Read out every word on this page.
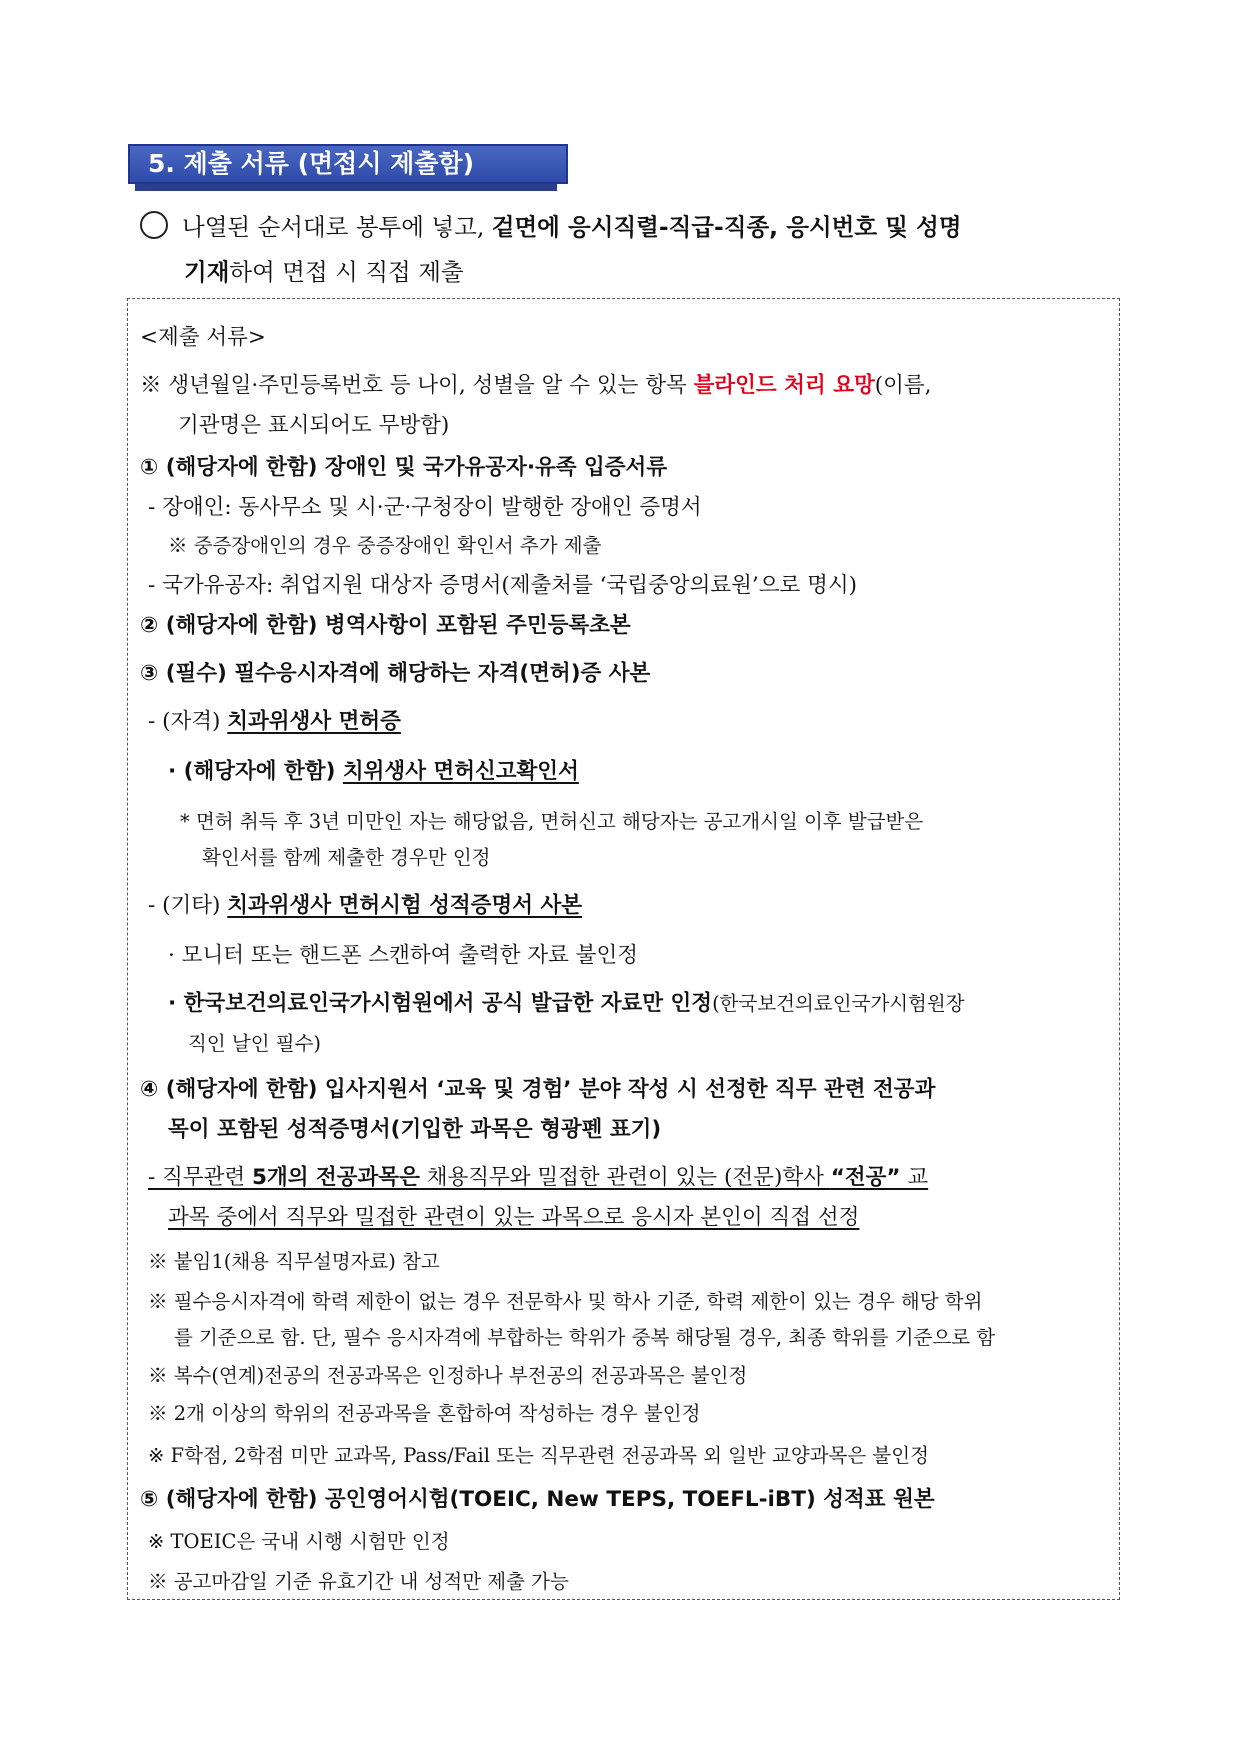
5. 제출 서류 (면접시 제출함)
나열된 순서대로 봉투에 넣고, 겉면에 응시직렬-직급-직종, 응시번호 및 성명
기재하여 면접 시 직접 제출
<제출 서류>
※ 생년월일·주민등록번호 등 나이, 성별을 알 수 있는 항목 블라인드 처리 요망(이름,
기관명은 표시되어도 무방함)
① (해당자에 한함) 장애인 및 국가유공자·유족 입증서류
- 장애인: 동사무소 및 시·군·구청장이 발행한 장애인 증명서
※ 중증장애인의 경우 중증장애인 확인서 추가 제출
- 국가유공자: 취업지원 대상자 증명서(제출처를 ‘국립중앙의료원’으로 명시)
② (해당자에 한함) 병역사항이 포함된 주민등록초본
③ (필수) 필수응시자격에 해당하는 자격(면허)증 사본
- (자격) 치과위생사 면허증
· (해당자에 한함) 치위생사 면허신고확인서
* 면허 취득 후 3년 미만인 자는 해당없음, 면허신고 해당자는 공고개시일 이후 발급받은
확인서를 함께 제출한 경우만 인정
- (기타) 치과위생사 면허시험 성적증명서 사본
· 모니터 또는 핸드폰 스캔하여 출력한 자료 불인정
· 한국보건의료인국가시험원에서 공식 발급한 자료만 인정(한국보건의료인국가시험원장
직인 날인 필수)
④ (해당자에 한함) 입사지원서 ‘교육 및 경험’ 분야 작성 시 선정한 직무 관련 전공과
목이 포함된 성적증명서(기입한 과목은 형광펜 표기)
- 직무관련 5개의 전공과목은 채용직무와 밀접한 관련이 있는 (전문)학사 “전공” 교
과목 중에서 직무와 밀접한 관련이 있는 과목으로 응시자 본인이 직접 선정
※ 붙임1(채용 직무설명자료) 참고
※ 필수응시자격에 학력 제한이 없는 경우 전문학사 및 학사 기준, 학력 제한이 있는 경우 해당 학위
를 기준으로 함. 단, 필수 응시자격에 부합하는 학위가 중복 해당될 경우, 최종 학위를 기준으로 함
※ 복수(연계)전공의 전공과목은 인정하나 부전공의 전공과목은 불인정
※ 2개 이상의 학위의 전공과목을 혼합하여 작성하는 경우 불인정
※ F학점, 2학점 미만 교과목, Pass/Fail 또는 직무관련 전공과목 외 일반 교양과목은 불인정
⑤ (해당자에 한함) 공인영어시험(TOEIC, New TEPS, TOEFL-iBT) 성적표 원본
※ TOEIC은 국내 시행 시험만 인정
※ 공고마감일 기준 유효기간 내 성적만 제출 가능
